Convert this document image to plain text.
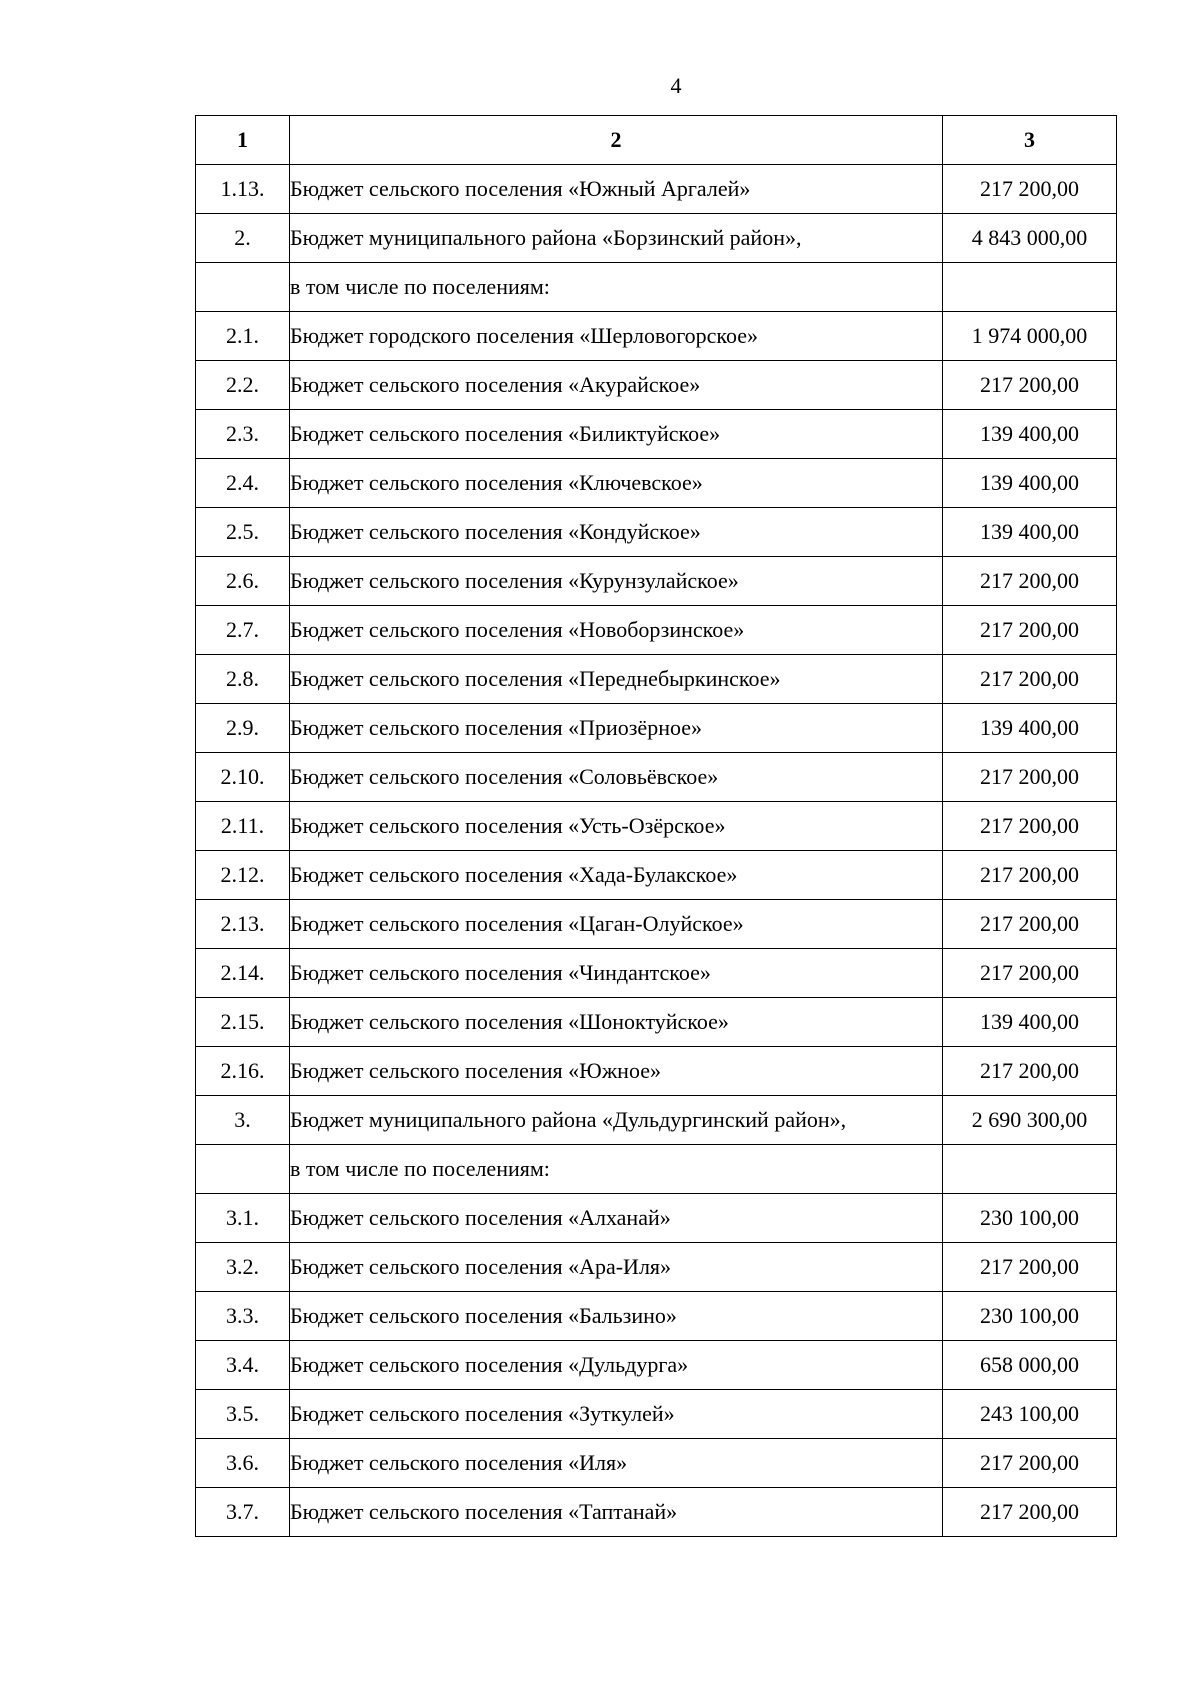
4
1	2	3
1.13.	Бюджет сельского поселения «Южный Аргалей»	217 200,00
2.	Бюджет муниципального района «Борзинский район»,	4 843 000,00
	в том числе по поселениям:	
2.1.	Бюджет городского поселения «Шерловогорское»	1 974 000,00
2.2.	Бюджет сельского поселения «Акурайское»	217 200,00
2.3.	Бюджет сельского поселения «Биликтуйское»	139 400,00
2.4.	Бюджет сельского поселения «Ключевское»	139 400,00
2.5.	Бюджет сельского поселения «Кондуйское»	139 400,00
2.6.	Бюджет сельского поселения «Курунзулайское»	217 200,00
2.7.	Бюджет сельского поселения «Новоборзинское»	217 200,00
2.8.	Бюджет сельского поселения «Переднебыркинское»	217 200,00
2.9.	Бюджет сельского поселения «Приозёрное»	139 400,00
2.10.	Бюджет сельского поселения «Соловьёвское»	217 200,00
2.11.	Бюджет сельского поселения «Усть-Озёрское»	217 200,00
2.12.	Бюджет сельского поселения «Хада-Булакское»	217 200,00
2.13.	Бюджет сельского поселения «Цаган-Олуйское»	217 200,00
2.14.	Бюджет сельского поселения «Чиндантское»	217 200,00
2.15.	Бюджет сельского поселения «Шоноктуйское»	139 400,00
2.16.	Бюджет сельского поселения «Южное»	217 200,00
3.	Бюджет муниципального района «Дульдургинский район»,	2 690 300,00
	в том числе по поселениям:	
3.1.	Бюджет сельского поселения «Алханай»	230 100,00
3.2.	Бюджет сельского поселения «Ара-Иля»	217 200,00
3.3.	Бюджет сельского поселения «Бальзино»	230 100,00
3.4.	Бюджет сельского поселения «Дульдурга»	658 000,00
3.5.	Бюджет сельского поселения «Зуткулей»	243 100,00
3.6.	Бюджет сельского поселения «Иля»	217 200,00
3.7.	Бюджет сельского поселения «Таптанай»	217 200,00
